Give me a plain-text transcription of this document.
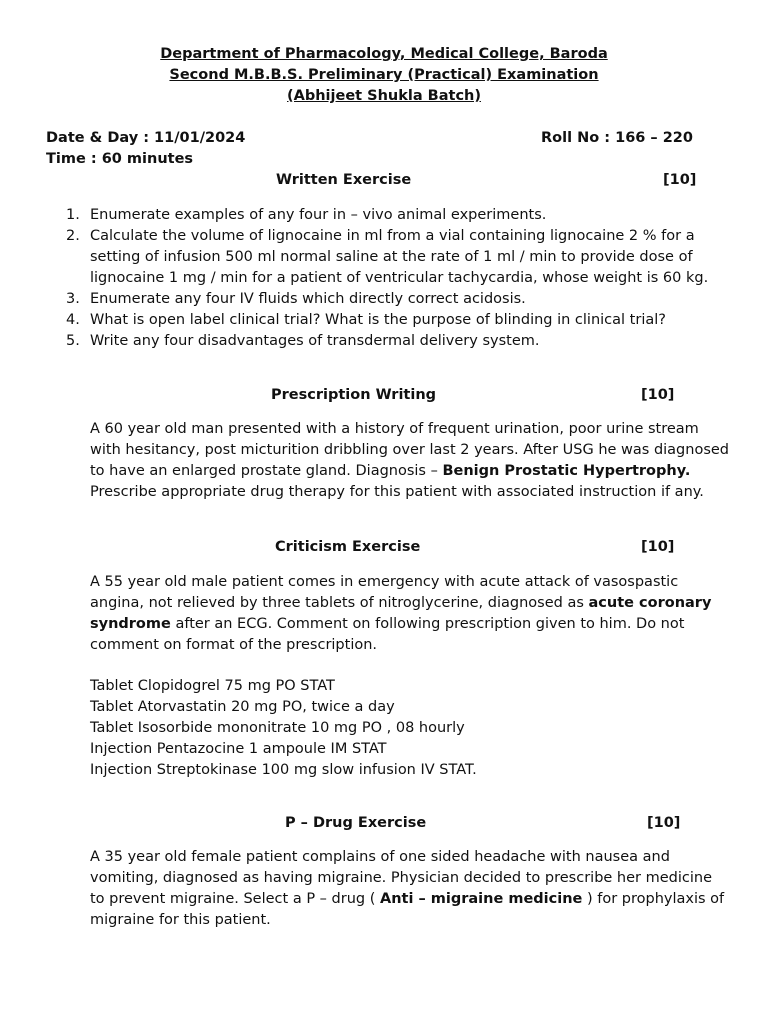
Department of Pharmacology, Medical College, Baroda
Second M.B.B.S. Preliminary (Practical) Examination
(Abhijeet Shukla Batch)
Date & Day : 11/01/2024	Roll No : 166 – 220
Time : 60 minutes
Written Exercise	[10]
1. Enumerate examples of any four in – vivo animal experiments.
2. Calculate the volume of lignocaine in ml from a vial containing lignocaine 2 % for a setting of infusion 500 ml normal saline at the rate of 1 ml / min to provide dose of lignocaine 1 mg / min for a patient of ventricular tachycardia, whose weight is 60 kg.
3. Enumerate any four IV fluids which directly correct acidosis.
4. What is open label clinical trial? What is the purpose of blinding in clinical trial?
5. Write any four disadvantages of transdermal delivery system.
Prescription Writing	[10]
A 60 year old man presented with a history of frequent urination, poor urine stream with hesitancy, post micturition dribbling over last 2 years. After USG he was diagnosed to have an enlarged prostate gland. Diagnosis – Benign Prostatic Hypertrophy. Prescribe appropriate drug therapy for this patient with associated instruction if any.
Criticism Exercise	[10]
A 55 year old male patient comes in emergency with acute attack of vasospastic angina, not relieved by three tablets of nitroglycerine, diagnosed as acute coronary syndrome after an ECG. Comment on following prescription given to him. Do not comment on format of the prescription.
Tablet Clopidogrel 75 mg PO STAT
Tablet Atorvastatin 20 mg PO, twice a day
Tablet Isosorbide mononitrate 10 mg PO , 08 hourly
Injection Pentazocine 1 ampoule IM STAT
Injection Streptokinase 100 mg slow infusion IV STAT.
P – Drug Exercise	[10]
A 35 year old female patient complains of one sided headache with nausea and vomiting, diagnosed as having migraine. Physician decided to prescribe her medicine to prevent migraine. Select a P – drug ( Anti – migraine medicine ) for prophylaxis of migraine for this patient.
